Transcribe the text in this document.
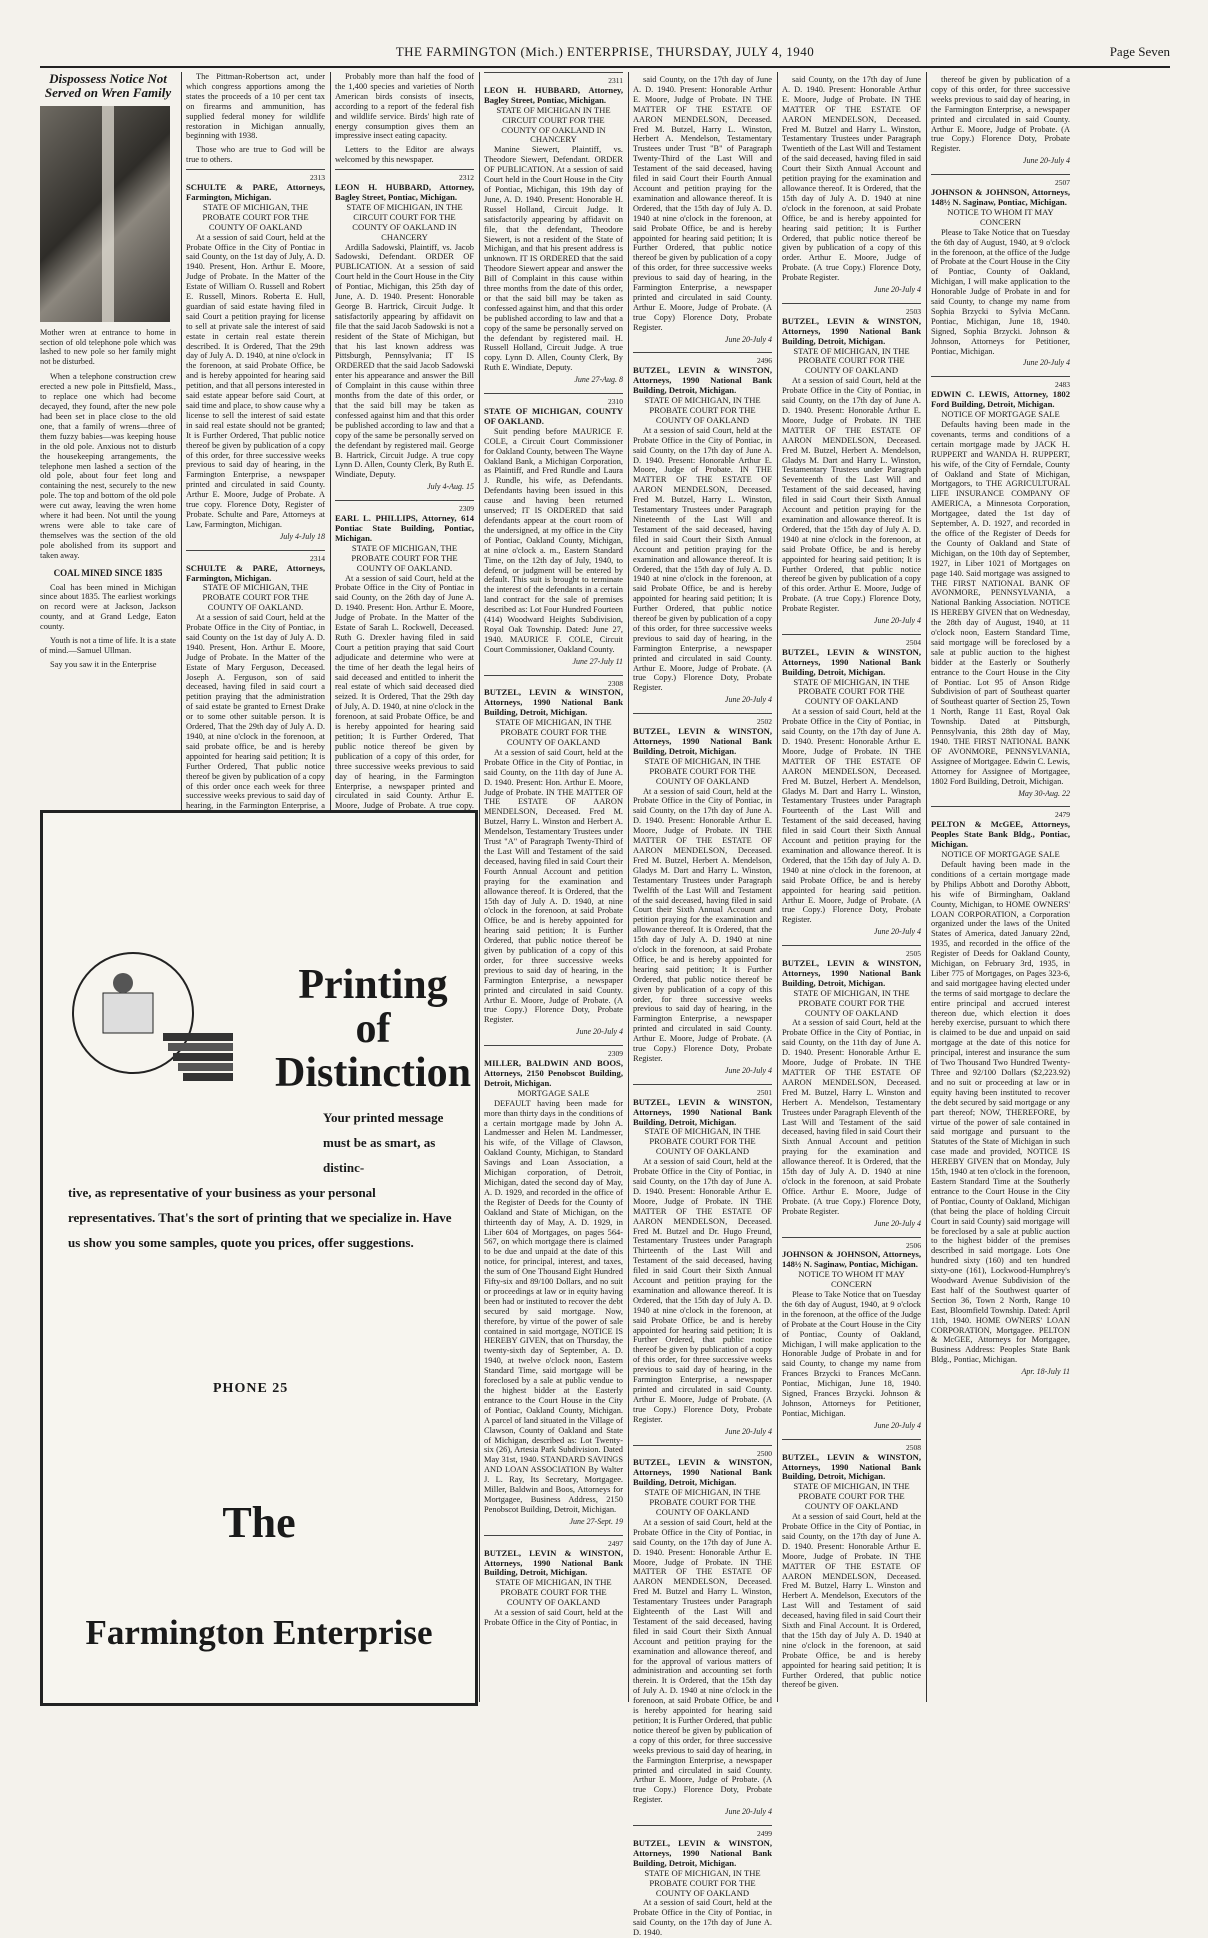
THE FARMINGTON (Mich.) ENTERPRISE, THURSDAY, JULY 4, 1940	Page Seven

Dispossess Notice Not Served on Wren Family

Mother wren at entrance to home in section of old telephone pole which was lashed to new pole so her family might not be disturbed.

When a telephone construction crew erected a new pole in Pittsfield, Mass., to replace one which had become decayed, they found, after the new pole had been set in place close to the old one, that a family of wrens—three of them fuzzy babies—was keeping house in the old pole. Anxious not to disturb the housekeeping arrangements, the telephone men lashed a section of the old pole, about four feet long and containing the nest, securely to the new pole. The top and bottom of the old pole were cut away, leaving the wren home where it had been. Not until the young wrens were able to take care of themselves was the section of the old pole abolished from its support and taken away.

COAL MINED SINCE 1835

Coal has been mined in Michigan since about 1835. The earliest workings on record were at Jackson, Jackson county, and at Grand Ledge, Eaton county.

Youth is not a time of life. It is a state of mind.—Samuel Ullman.

Say you saw it in the Enterprise

The Pittman-Robertson act, under which congress apportions among the states the proceeds of a 10 per cent tax on firearms and ammunition, has supplied federal money for wildlife restoration in Michigan annually, beginning with 1938.

Those who are true to God will be true to others.

2313
SCHULTE & PARE, Attorneys, Farmington, Michigan.
STATE OF MICHIGAN, THE PROBATE COURT FOR THE COUNTY OF OAKLAND
At a session of said Court, held at the Probate Office in the City of Pontiac in said County, on the 1st day of July, A. D. 1940. Present, Hon. Arthur E. Moore, Judge of Probate. In the Matter of the Estate of William O. Russell and Robert E. Russell, Minors. Roberta E. Hull, guardian of said estate having filed in said Court a petition praying for license to sell at private sale the interest of said estate in certain real estate therein described. It is Ordered, That the 29th day of July A. D. 1940, at nine o'clock in the forenoon, at said Probate Office, be and is hereby appointed for hearing said petition, and that all persons interested in said estate appear before said Court, at said time and place, to show cause why a license to sell the interest of said estate in said real estate should not be granted; It is Further Ordered, That public notice thereof be given by publication of a copy of this order, for three successive weeks previous to said day of hearing, in the Farmington Enterprise, a newspaper printed and circulated in said County. Arthur E. Moore, Judge of Probate. A true copy. Florence Doty, Register of Probate. Schulte and Pare, Attorneys at Law, Farmington, Michigan.
July 4-July 18
2314
SCHULTE & PARE, Attorneys, Farmington, Michigan.
STATE OF MICHIGAN, THE PROBATE COURT FOR THE COUNTY OF OAKLAND.
At a session of said Court, held at the Probate Office in the City of Pontiac, in said County on the 1st day of July A. D. 1940. Present, Hon. Arthur E. Moore, Judge of Probate. In the Matter of the Estate of Mary Ferguson, Deceased. Joseph A. Ferguson, son of said deceased, having filed in said court a petition praying that the administration of said estate be granted to Ernest Drake or to some other suitable person. It is Ordered, That the 29th day of July A. D. 1940, at nine o'clock in the forenoon, at said probate office, be and is hereby appointed for hearing said petition; It is Further Ordered, That public notice thereof be given by publication of a copy of this order once each week for three successive weeks previous to said day of hearing, in the Farmington Enterprise, a

Probably more than half the food of the 1,400 species and varieties of North American birds consists of insects, according to a report of the federal fish and wildlife service. Birds' high rate of energy consumption gives them an impressive insect eating capacity.

Letters to the Editor are always welcomed by this newspaper.

2312
LEON H. HUBBARD, Attorney, Bagley Street, Pontiac, Michigan.
STATE OF MICHIGAN, IN THE CIRCUIT COURT FOR THE COUNTY OF OAKLAND IN CHANCERY
Ardilla Sadowski, Plaintiff, vs. Jacob Sadowski, Defendant. ORDER OF PUBLICATION. At a session of said Court held in the Court House in the City of Pontiac, Michigan, this 25th day of June, A. D. 1940. Present: Honorable George B. Hartrick, Circuit Judge. It satisfactorily appearing by affidavit on file that the said Jacob Sadowski is not a resident of the State of Michigan, but that his last known address was Pittsburgh, Pennsylvania; IT IS ORDERED that the said Jacob Sadowski enter his appearance and answer the Bill of Complaint in this cause within three months from the date of this order, or that the said bill may be taken as confessed against him and that this order be published according to law and that a copy of the same be personally served on the defendant by registered mail. George B. Hartrick, Circuit Judge. A true copy Lynn D. Allen, County Clerk, By Ruth E. Windiate, Deputy.
July 4-Aug. 15
2309
EARL L. PHILLIPS, Attorney, 614 Pontiac State Building, Pontiac, Michigan.
STATE OF MICHIGAN, THE PROBATE COURT FOR THE COUNTY OF OAKLAND.
At a session of said Court, held at the Probate Office in the City of Pontiac in said County, on the 26th day of June A. D. 1940. Present: Hon. Arthur E. Moore, Judge of Probate. In the Matter of the Estate of Sarah L. Rockwell, Deceased. Ruth G. Drexler having filed in said Court a petition praying that said Court adjudicate and determine who were at the time of her death the legal heirs of said deceased and entitled to inherit the real estate of which said deceased died seized. It is Ordered, That the 29th day of July, A. D. 1940, at nine o'clock in the forenoon, at said Probate Office, be and is hereby appointed for hearing said petition; It is Further Ordered, That public notice thereof be given by publication of a copy of this order, for three successive weeks previous to said day of hearing, in the Farmington Enterprise, a newspaper printed and circulated in said County. Arthur E. Moore, Judge of Probate. A true copy.
2311
LEON H. HUBBARD, Attorney, Bagley Street, Pontiac, Michigan.
STATE OF MICHIGAN IN THE CIRCUIT COURT FOR THE COUNTY OF OAKLAND IN CHANCERY
Manine Siewert, Plaintiff, vs. Theodore Siewert, Defendant. ORDER OF PUBLICATION. At a session of said Court held in the Court House in the City of Pontiac, Michigan, this 19th day of June, A. D. 1940. Present: Honorable H. Russel Holland, Circuit Judge. It satisfactorily appearing by affidavit on file, that the defendant, Theodore Siewert, is not a resident of the State of Michigan, and that his present address is unknown. IT IS ORDERED that the said Theodore Siewert appear and answer the Bill of Complaint in this cause within three months from the date of this order, or that the said bill may be taken as confessed against him, and that this order be published according to law and that a copy of the same be personally served on the defendant by registered mail. H. Russell Holland, Circuit Judge. A true copy. Lynn D. Allen, County Clerk, By Ruth E. Windiate, Deputy.
June 27-Aug. 8
2310
STATE OF MICHIGAN, COUNTY OF OAKLAND.
Suit pending before MAURICE F. COLE, a Circuit Court Commissioner for Oakland County, between The Wayne Oakland Bank, a Michigan Corporation, as Plaintiff, and Fred Rundle and Laura J. Rundle, his wife, as Defendants. Defendants having been issued in this cause and having been returned unserved; IT IS ORDERED that said defendants appear at the court room of the undersigned, at my office in the City of Pontiac, Oakland County, Michigan, at nine o'clock a. m., Eastern Standard Time, on the 12th day of July, 1940, to defend, or judgment will be entered by default. This suit is brought to terminate the interest of the defendants in a certain land contract for the sale of premises described as: Lot Four Hundred Fourteen (414) Woodward Heights Subdivision, Royal Oak Township. Dated: June 27, 1940. MAURICE F. COLE, Circuit Court Commissioner, Oakland County.
June 27-July 11
2308
BUTZEL, LEVIN & WINSTON, Attorneys, 1990 National Bank Building, Detroit, Michigan.
STATE OF MICHIGAN, IN THE PROBATE COURT FOR THE COUNTY OF OAKLAND
At a session of said Court, held at the Probate Office in the City of Pontiac, in said County, on the 11th day of June A. D. 1940. Present: Hon. Arthur E. Moore, Judge of Probate. IN THE MATTER OF THE ESTATE OF AARON MENDELSON, Deceased. Fred M. Butzel, Harry L. Winston and Herbert A. Mendelson, Testamentary Trustees under Trust "A" of Paragraph Twenty-Third of the Last Will and Testament of the said deceased, having filed in said Court their Fourth Annual Account and petition praying for the examination and allowance thereof. It is Ordered, that the 15th day of July A. D. 1940, at nine o'clock in the forenoon, at said Probate Office, be and is hereby appointed for hearing said petition; It is Further Ordered, that public notice thereof be given by publication of a copy of this order, for three successive weeks previous to said day of hearing, in the Farmington Enterprise, a newspaper printed and circulated in said County. Arthur E. Moore, Judge of Probate. (A true Copy.) Florence Doty, Probate Register.
June 20-July 4
2309
MILLER, BALDWIN AND BOOS, Attorneys, 2150 Penobscot Building, Detroit, Michigan.
MORTGAGE SALE
DEFAULT having been made for more than thirty days in the conditions of a certain mortgage made by John A. Landmesser and Helen M. Landmesser, his wife, of the Village of Clawson, Oakland County, Michigan, to Standard Savings and Loan Association, a Michigan corporation, of Detroit, Michigan, dated the second day of May, A. D. 1929, and recorded in the office of the Register of Deeds for the County of Oakland and State of Michigan, on the thirteenth day of May, A. D. 1929, in Liber 604 of Mortgages, on pages 564-567, on which mortgage there is claimed to be due and unpaid at the date of this notice, for principal, interest, and taxes, the sum of One Thousand Eight Hundred Fifty-six and 89/100 Dollars, and no suit or proceedings at law or in equity having been had or instituted to recover the debt secured by said mortgage. Now, therefore, by virtue of the power of sale contained in said mortgage, NOTICE IS HEREBY GIVEN, that on Thursday, the twenty-sixth day of September, A. D. 1940, at twelve o'clock noon, Eastern Standard Time, said mortgage will be foreclosed by a sale at public vendue to the highest bidder at the Easterly entrance to the Court House in the City of Pontiac, Oakland County, Michigan. A parcel of land situated in the Village of Clawson, County of Oakland and State of Michigan, described as: Lot Twenty-six (26), Artesia Park Subdivision. Dated May 31st, 1940. STANDARD SAVINGS AND LOAN ASSOCIATION By Walter J. L. Ray, Its Secretary, Mortgagee. Miller, Baldwin and Boos, Attorneys for Mortgagee, Business Address, 2150 Penobscot Building, Detroit, Michigan.
June 27-Sept. 19
2497
BUTZEL, LEVIN & WINSTON, Attorneys, 1990 National Bank Building, Detroit, Michigan.
STATE OF MICHIGAN, IN THE PROBATE COURT FOR THE COUNTY OF OAKLAND
At a session of said Court, held at the Probate Office in the City of Pontiac, in
said County, on the 17th day of June A. D. 1940. Present: Honorable Arthur E. Moore, Judge of Probate. IN THE MATTER OF THE ESTATE OF AARON MENDELSON, Deceased. Fred M. Butzel, Harry L. Winston, Herbert A. Mendelson, Testamentary Trustees under Trust "B" of Paragraph Twenty-Third of the Last Will and Testament of the said deceased, having filed in said Court their Fourth Annual Account and petition praying for the examination and allowance thereof. It is Ordered, that the 15th day of July A. D. 1940 at nine o'clock in the forenoon, at said Probate Office, be and is hereby appointed for hearing said petition; It is Further Ordered, that public notice thereof be given by publication of a copy of this order, for three successive weeks previous to said day of hearing, in the Farmington Enterprise, a newspaper printed and circulated in said County. Arthur E. Moore, Judge of Probate. (A true Copy) Florence Doty, Probate Register.
June 20-July 4
2496
BUTZEL, LEVIN & WINSTON, Attorneys, 1990 National Bank Building, Detroit, Michigan.
STATE OF MICHIGAN, IN THE PROBATE COURT FOR THE COUNTY OF OAKLAND
At a session of said Court, held at the Probate Office in the City of Pontiac, in said County, on the 17th day of June A. D. 1940. Present: Honorable Arthur E. Moore, Judge of Probate. IN THE MATTER OF THE ESTATE OF AARON MENDELSON, Deceased. Fred M. Butzel, Harry L. Winston, Testamentary Trustees under Paragraph Nineteenth of the Last Will and Testament of the said deceased, having filed in said Court their Sixth Annual Account and petition praying for the examination and allowance thereof. It is Ordered, that the 15th day of July A. D. 1940 at nine o'clock in the forenoon, at said Probate Office, be and is hereby appointed for hearing said petition; It is Further Ordered, that public notice thereof be given by publication of a copy of this order, for three successive weeks previous to said day of hearing, in the Farmington Enterprise, a newspaper printed and circulated in said County. Arthur E. Moore, Judge of Probate. (A true Copy.) Florence Doty, Probate Register.
June 20-July 4
2502
BUTZEL, LEVIN & WINSTON, Attorneys, 1990 National Bank Building, Detroit, Michigan.
STATE OF MICHIGAN, IN THE PROBATE COURT FOR THE COUNTY OF OAKLAND
At a session of said Court, held at the Probate Office in the City of Pontiac, in said County, on the 17th day of June A. D. 1940. Present: Honorable Arthur E. Moore, Judge of Probate. IN THE MATTER OF THE ESTATE OF AARON MENDELSON, Deceased. Fred M. Butzel, Herbert A. Mendelson, Gladys M. Dart and Harry L. Winston, Testamentary Trustees under Paragraph Twelfth of the Last Will and Testament of the said deceased, having filed in said Court their Sixth Annual Account and petition praying for the examination and allowance thereof. It is Ordered, that the 15th day of July A. D. 1940 at nine o'clock in the forenoon, at said Probate Office, be and is hereby appointed for hearing said petition; It is Further Ordered, that public notice thereof be given by publication of a copy of this order, for three successive weeks previous to said day of hearing, in the Farmington Enterprise, a newspaper printed and circulated in said County. Arthur E. Moore, Judge of Probate. (A true Copy.) Florence Doty, Probate Register.
June 20-July 4
2501
BUTZEL, LEVIN & WINSTON, Attorneys, 1990 National Bank Building, Detroit, Michigan.
STATE OF MICHIGAN, IN THE PROBATE COURT FOR THE COUNTY OF OAKLAND
At a session of said Court, held at the Probate Office in the City of Pontiac, in said County, on the 17th day of June A. D. 1940. Present: Honorable Arthur E. Moore, Judge of Probate. IN THE MATTER OF THE ESTATE OF AARON MENDELSON, Deceased. Fred M. Butzel and Dr. Hugo Freund, Testamentary Trustees under Paragraph Thirteenth of the Last Will and Testament of the said deceased, having filed in said Court their Sixth Annual Account and petition praying for the examination and allowance thereof. It is Ordered, that the 15th day of July A. D. 1940 at nine o'clock in the forenoon, at said Probate Office, be and is hereby appointed for hearing said petition; It is Further Ordered, that public notice thereof be given by publication of a copy of this order, for three successive weeks previous to said day of hearing, in the Farmington Enterprise, a newspaper printed and circulated in said County. Arthur E. Moore, Judge of Probate. (A true Copy.) Florence Doty, Probate Register.
June 20-July 4
2500
BUTZEL, LEVIN & WINSTON, Attorneys, 1990 National Bank Building, Detroit, Michigan.
STATE OF MICHIGAN, IN THE PROBATE COURT FOR THE COUNTY OF OAKLAND
At a session of said Court, held at the Probate Office in the City of Pontiac, in said County, on the 17th day of June A. D. 1940. Present: Honorable Arthur E. Moore, Judge of Probate. IN THE MATTER OF THE ESTATE OF AARON MENDELSON, Deceased. Fred M. Butzel and Harry L. Winston, Testamentary Trustees under Paragraph Eighteenth of the Last Will and Testament of the said deceased, having filed in said Court their Sixth Annual Account and petition praying for the examination and allowance thereof, and for the approval of various matters of administration and accounting set forth therein. It is Ordered, that the 15th day of July A. D. 1940 at nine o'clock in the forenoon, at said Probate Office, be and is hereby appointed for hearing said petition; It is Further Ordered, that public notice thereof be given by publication of a copy of this order, for three successive weeks previous to said day of hearing, in the Farmington Enterprise, a newspaper printed and circulated in said County. Arthur E. Moore, Judge of Probate. (A true Copy.) Florence Doty, Probate Register.
June 20-July 4
2499
BUTZEL, LEVIN & WINSTON, Attorneys, 1990 National Bank Building, Detroit, Michigan.
STATE OF MICHIGAN, IN THE PROBATE COURT FOR THE COUNTY OF OAKLAND
At a session of said Court, held at the Probate Office in the City of Pontiac, in said County, on the 17th day of June A. D. 1940.
said County, on the 17th day of June A. D. 1940. Present: Honorable Arthur E. Moore, Judge of Probate. IN THE MATTER OF THE ESTATE OF AARON MENDELSON, Deceased. Fred M. Butzel and Harry L. Winston, Testamentary Trustees under Paragraph Twentieth of the Last Will and Testament of the said deceased, having filed in said Court their Sixth Annual Account and petition praying for the examination and allowance thereof. It is Ordered, that the 15th day of July A. D. 1940 at nine o'clock in the forenoon, at said Probate Office, be and is hereby appointed for hearing said petition; It is Further Ordered, that public notice thereof be given by publication of a copy of this order. Arthur E. Moore, Judge of Probate. (A true Copy.) Florence Doty, Probate Register.
June 20-July 4
2503
BUTZEL, LEVIN & WINSTON, Attorneys, 1990 National Bank Building, Detroit, Michigan.
STATE OF MICHIGAN, IN THE PROBATE COURT FOR THE COUNTY OF OAKLAND
At a session of said Court, held at the Probate Office in the City of Pontiac, in said County, on the 17th day of June A. D. 1940. Present: Honorable Arthur E. Moore, Judge of Probate. IN THE MATTER OF THE ESTATE OF AARON MENDELSON, Deceased. Fred M. Butzel, Herbert A. Mendelson, Gladys M. Dart and Harry L. Winston, Testamentary Trustees under Paragraph Seventeenth of the Last Will and Testament of the said deceased, having filed in said Court their Sixth Annual Account and petition praying for the examination and allowance thereof. It is Ordered, that the 15th day of July A. D. 1940 at nine o'clock in the forenoon, at said Probate Office, be and is hereby appointed for hearing said petition; It is Further Ordered, that public notice thereof be given by publication of a copy of this order. Arthur E. Moore, Judge of Probate. (A true Copy.) Florence Doty, Probate Register.
June 20-July 4
2504
BUTZEL, LEVIN & WINSTON, Attorneys, 1990 National Bank Building, Detroit, Michigan.
STATE OF MICHIGAN, IN THE PROBATE COURT FOR THE COUNTY OF OAKLAND
At a session of said Court, held at the Probate Office in the City of Pontiac, in said County, on the 17th day of June A. D. 1940. Present: Honorable Arthur E. Moore, Judge of Probate. IN THE MATTER OF THE ESTATE OF AARON MENDELSON, Deceased. Fred M. Butzel, Herbert A. Mendelson, Gladys M. Dart and Harry L. Winston, Testamentary Trustees under Paragraph Fourteenth of the Last Will and Testament of the said deceased, having filed in said Court their Sixth Annual Account and petition praying for the examination and allowance thereof. It is Ordered, that the 15th day of July A. D. 1940 at nine o'clock in the forenoon, at said Probate Office, be and is hereby appointed for hearing said petition. Arthur E. Moore, Judge of Probate. (A true Copy.) Florence Doty, Probate Register.
June 20-July 4
2505
BUTZEL, LEVIN & WINSTON, Attorneys, 1990 National Bank Building, Detroit, Michigan.
STATE OF MICHIGAN, IN THE PROBATE COURT FOR THE COUNTY OF OAKLAND
At a session of said Court, held at the Probate Office in the City of Pontiac, in said County, on the 11th day of June A. D. 1940. Present: Honorable Arthur E. Moore, Judge of Probate. IN THE MATTER OF THE ESTATE OF AARON MENDELSON, Deceased. Fred M. Butzel, Harry L. Winston and Herbert A. Mendelson, Testamentary Trustees under Paragraph Eleventh of the Last Will and Testament of the said deceased, having filed in said Court their Sixth Annual Account and petition praying for the examination and allowance thereof. It is Ordered, that the 15th day of July A. D. 1940 at nine o'clock in the forenoon, at said Probate Office. Arthur E. Moore, Judge of Probate. (A true Copy.) Florence Doty, Probate Register.
June 20-July 4
2506
JOHNSON & JOHNSON, Attorneys, 148½ N. Saginaw, Pontiac, Michigan.
NOTICE TO WHOM IT MAY CONCERN
Please to Take Notice that on Tuesday the 6th day of August, 1940, at 9 o'clock in the forenoon, at the office of the Judge of Probate at the Court House in the City of Pontiac, County of Oakland, Michigan, I will make application to the Honorable Judge of Probate in and for said County, to change my name from Frances Brzycki to Frances McCann. Pontiac, Michigan, June 18, 1940. Signed, Frances Brzycki. Johnson & Johnson, Attorneys for Petitioner, Pontiac, Michigan.
June 20-July 4
2508
BUTZEL, LEVIN & WINSTON, Attorneys, 1990 National Bank Building, Detroit, Michigan.
STATE OF MICHIGAN, IN THE PROBATE COURT FOR THE COUNTY OF OAKLAND
At a session of said Court, held at the Probate Office in the City of Pontiac, in said County, on the 17th day of June A. D. 1940. Present: Honorable Arthur E. Moore, Judge of Probate. IN THE MATTER OF THE ESTATE OF AARON MENDELSON, Deceased. Fred M. Butzel, Harry L. Winston and Herbert A. Mendelson, Executors of the Last Will and Testament of said deceased, having filed in said Court their Sixth and Final Account. It is Ordered, that the 15th day of July A. D. 1940 at nine o'clock in the forenoon, at said Probate Office, be and is hereby appointed for hearing said petition; It is Further Ordered, that public notice thereof be given.
thereof be given by publication of a copy of this order, for three successive weeks previous to said day of hearing, in the Farmington Enterprise, a newspaper printed and circulated in said County. Arthur E. Moore, Judge of Probate. (A true Copy.) Florence Doty, Probate Register.
June 20-July 4
2507
JOHNSON & JOHNSON, Attorneys, 148½ N. Saginaw, Pontiac, Michigan.
NOTICE TO WHOM IT MAY CONCERN
Please to Take Notice that on Tuesday the 6th day of August, 1940, at 9 o'clock in the forenoon, at the office of the Judge of Probate at the Court House in the City of Pontiac, County of Oakland, Michigan, I will make application to the Honorable Judge of Probate in and for said County, to change my name from Sophia Brzycki to Sylvia McCann. Pontiac, Michigan, June 18, 1940. Signed, Sophia Brzycki. Johnson & Johnson, Attorneys for Petitioner, Pontiac, Michigan.
June 20-July 4
2483
EDWIN C. LEWIS, Attorney, 1802 Ford Building, Detroit, Michigan.
NOTICE OF MORTGAGE SALE
Defaults having been made in the covenants, terms and conditions of a certain mortgage made by JACK H. RUPPERT and WANDA H. RUPPERT, his wife, of the City of Ferndale, County of Oakland and State of Michigan, Mortgagors, to THE AGRICULTURAL LIFE INSURANCE COMPANY OF AMERICA, a Minnesota Corporation, Mortgagee, dated the 1st day of September, A. D. 1927, and recorded in the office of the Register of Deeds for the County of Oakland and State of Michigan, on the 10th day of September, 1927, in Liber 1021 of Mortgages on page 140. Said mortgage was assigned to THE FIRST NATIONAL BANK OF AVONMORE, PENNSYLVANIA, a National Banking Association. NOTICE IS HEREBY GIVEN that on Wednesday, the 28th day of August, 1940, at 11 o'clock noon, Eastern Standard Time, said mortgage will be foreclosed by a sale at public auction to the highest bidder at the Easterly or Southerly entrance to the Court House in the City of Pontiac. Lot 95 of Anson Ridge Subdivision of part of Southeast quarter of Southeast quarter of Section 25, Town 1 North, Range 11 East, Royal Oak Township. Dated at Pittsburgh, Pennsylvania, this 28th day of May, 1940. THE FIRST NATIONAL BANK OF AVONMORE, PENNSYLVANIA, Assignee of Mortgagee. Edwin C. Lewis, Attorney for Assignee of Mortgagee, 1802 Ford Building, Detroit, Michigan.
May 30-Aug. 22
2479
PELTON & McGEE, Attorneys, Peoples State Bank Bldg., Pontiac, Michigan.
NOTICE OF MORTGAGE SALE
Default having been made in the conditions of a certain mortgage made by Philips Abbott and Dorothy Abbott, his wife of Birmingham, Oakland County, Michigan, to HOME OWNERS' LOAN CORPORATION, a Corporation organized under the laws of the United States of America, dated January 22nd, 1935, and recorded in the office of the Register of Deeds for Oakland County, Michigan, on February 3rd, 1935, in Liber 775 of Mortgages, on Pages 323-6, and said mortgagee having elected under the terms of said mortgage to declare the entire principal and accrued interest thereon due, which election it does hereby exercise, pursuant to which there is claimed to be due and unpaid on said mortgage at the date of this notice for principal, interest and insurance the sum of Two Thousand Two Hundred Twenty-Three and 92/100 Dollars ($2,223.92) and no suit or proceeding at law or in equity having been instituted to recover the debt secured by said mortgage or any part thereof; NOW, THEREFORE, by virtue of the power of sale contained in said mortgage and pursuant to the Statutes of the State of Michigan in such case made and provided, NOTICE IS HEREBY GIVEN that on Monday, July 15th, 1940 at ten o'clock in the forenoon, Eastern Standard Time at the Southerly entrance to the Court House in the City of Pontiac, County of Oakland, Michigan (that being the place of holding Circuit Court in said County) said mortgage will be foreclosed by a sale at public auction to the highest bidder of the premises described in said mortgage. Lots One hundred sixty (160) and ten hundred sixty-one (161), Lockwood-Humphrey's Woodward Avenue Subdivision of the East half of the Southwest quarter of Section 36, Town 2 North, Range 10 East, Bloomfield Township. Dated: April 11th, 1940. HOME OWNERS' LOAN CORPORATION, Mortgagee. PELTON & McGEE, Attorneys for Mortgagee, Business Address: Peoples State Bank Bldg., Pontiac, Michigan.
Apr. 18-July 11
Printing
of
Distinction
Your printed message must be as smart, as distinc-
tive, as representative of your business as your personal representatives. That's the sort of printing that we specialize in. Have us show you some samples, quote you prices, offer suggestions.
PHONE 25
The
Farmington Enterprise
